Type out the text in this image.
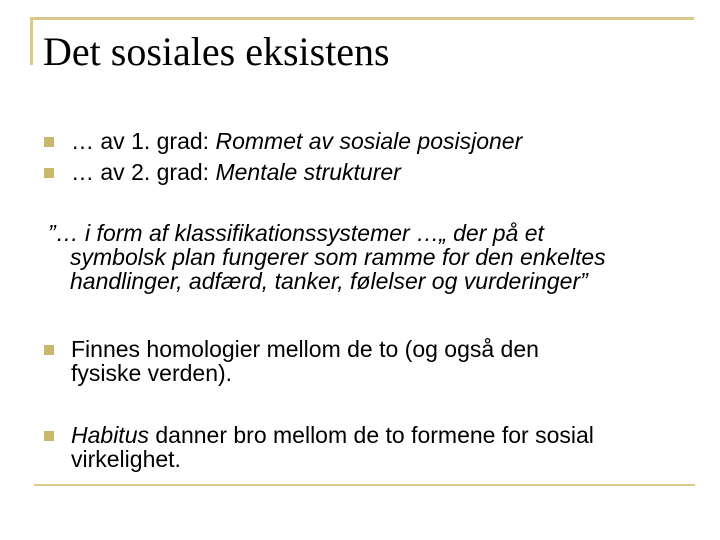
Det sosiales eksistens
… av 1. grad: Rommet av sosiale posisjoner
… av 2. grad: Mentale strukturer
”… i form af klassifikationssystemer …„ der på et
symbolsk plan fungerer som ramme for den enkeltes
handlinger, adfærd, tanker, følelser og vurderinger”
Finnes homologier mellom de to (og også den
fysiske verden).
Habitus danner bro mellom de to formene for sosial
virkelighet.
